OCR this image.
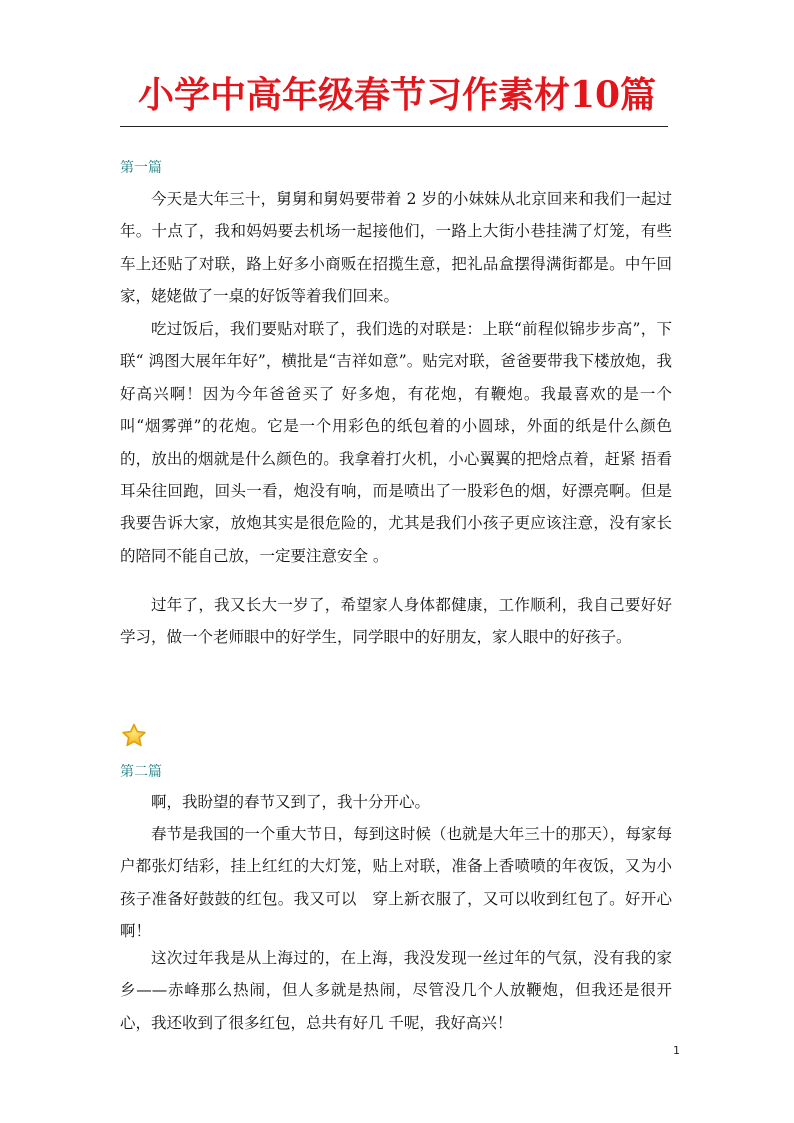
小学中高年级春节习作素材10篇
第一篇

今天是大年三十，舅舅和舅妈要带着 2 岁的小妹妹从北京回来和我们一起过年。十点了，我和妈妈要去机场一起接他们，一路上大街小巷挂满了灯笼，有些车上还贴了对联，路上好多小商贩在招揽生意，把礼品盒摆得满街都是。中午回家，姥姥做了一桌的好饭等着我们回来。

吃过饭后，我们要贴对联了，我们选的对联是：上联“前程似锦步步高”，下联“ 鸿图大展年年好”，横批是“吉祥如意”。贴完对联，爸爸要带我下楼放炮，我好高兴啊！因为今年爸爸买了 好多炮，有花炮，有鞭炮。我最喜欢的是一个叫“烟雾弹”的花炮。它是一个用彩色的纸包着的小圆球，外面的纸是什么颜色的，放出的烟就是什么颜色的。我拿着打火机，小心翼翼的把焓点着，赶紧 捂看耳朵往回跑，回头一看，炮没有响，而是喷出了一股彩色的烟，好漂亮啊。但是我要告诉大家，放炮其实是很危险的，尤其是我们小孩子更应该注意，没有家长的陪同不能自己放，一定要注意安全 。

过年了，我又长大一岁了，希望家人身体都健康，工作顺利，我自己要好好学习，做一个老师眼中的好学生，同学眼中的好朋友，家人眼中的好孩子。

第二篇

啊，我盼望的春节又到了，我十分开心。

春节是我国的一个重大节日，每到这时候（也就是大年三十的那天），每家每户都张灯结彩，挂上红红的大灯笼，贴上对联，准备上香喷喷的年夜饭，又为小孩子准备好鼓鼓的红包。我又可以　穿上新衣服了，又可以收到红包了。好开心啊！

这次过年我是从上海过的，在上海，我没发现一丝过年的气氛，没有我的家乡——赤峰那么热闹，但人多就是热闹，尽管没几个人放鞭炮，但我还是很开心，我还收到了很多红包，总共有好几 千呢，我好高兴！

1
